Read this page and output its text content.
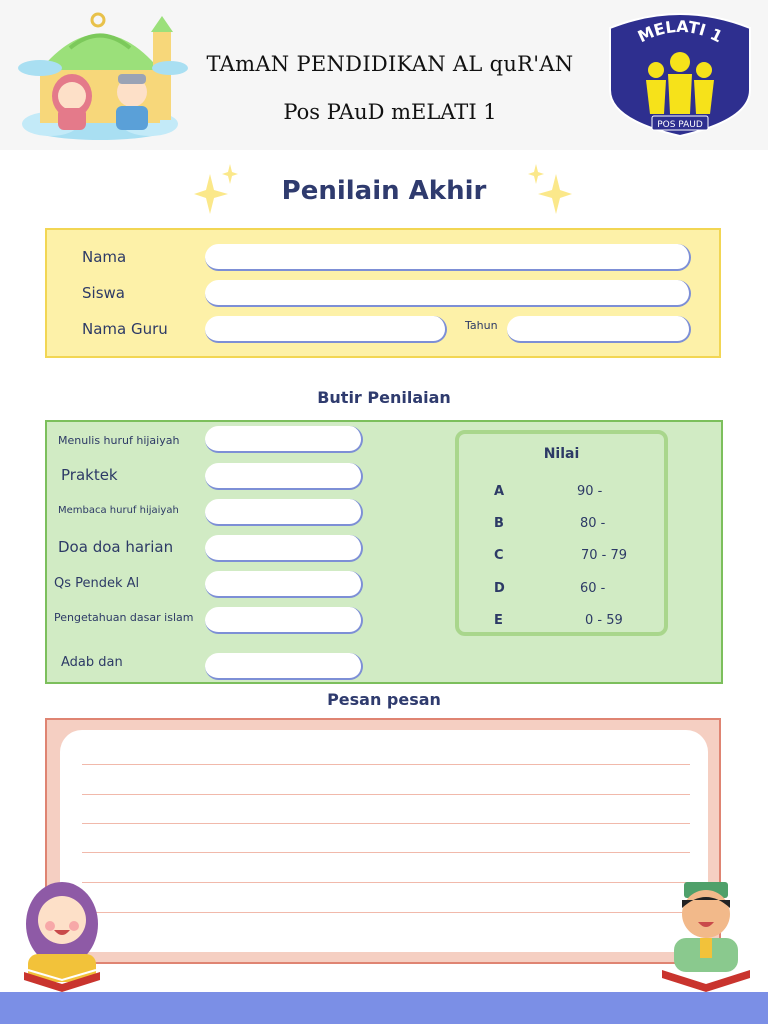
TAmAN PENDIDIKAN AL quR'AN
Pos PAuD mELATI 1
MELATI 1
POS PAUD
Penilain Akhir
Nama
Siswa
Nama Guru	Tahun
Butir Penilaian
Menulis huruf hijaiyah
Praktek
Membaca huruf hijaiyah
Doa doa harian
Qs Pendek Al
Pengetahuan dasar islam
Adab dan
Nilai
A	90 -
B	80 -
C	70 - 79
D	60 -
E	0 - 59
Pesan pesan
